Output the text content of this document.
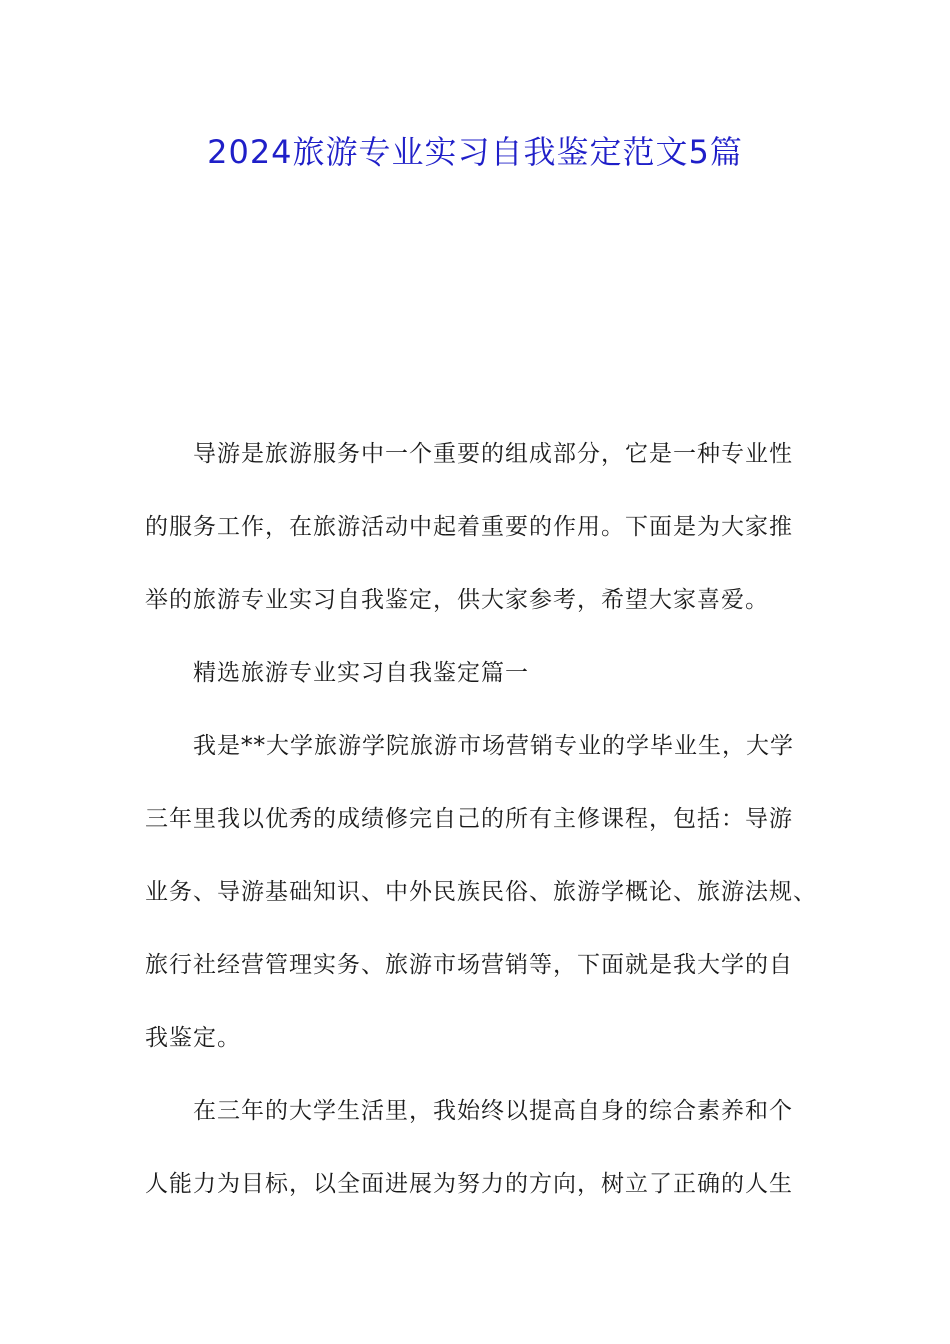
2024旅游专业实习自我鉴定范文5篇
导游是旅游服务中一个重要的组成部分，它是一种专业性
的服务工作，在旅游活动中起着重要的作用。下面是为大家推
举的旅游专业实习自我鉴定，供大家参考，希望大家喜爱。
精选旅游专业实习自我鉴定篇一
我是**大学旅游学院旅游市场营销专业的学毕业生，大学
三年里我以优秀的成绩修完自己的所有主修课程，包括：导游
业务、导游基础知识、中外民族民俗、旅游学概论、旅游法规、
旅行社经营管理实务、旅游市场营销等，下面就是我大学的自
我鉴定。
在三年的大学生活里，我始终以提高自身的综合素养和个
人能力为目标，以全面进展为努力的方向，树立了正确的人生
